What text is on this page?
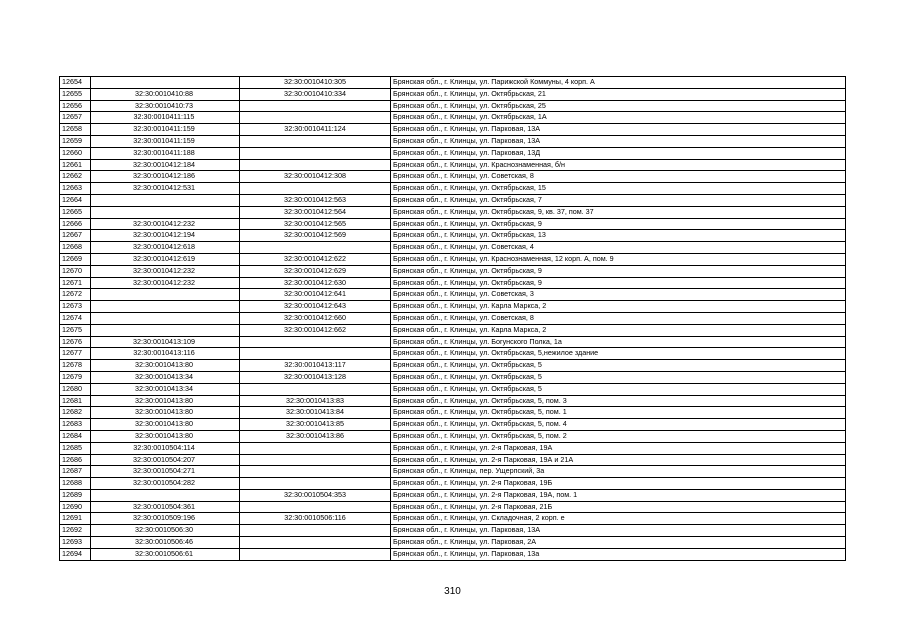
12654		32:30:0010410:305	Брянская обл., г. Клинцы, ул. Парижской Коммуны, 4 корп. А
12655	32:30:0010410:88	32:30:0010410:334	Брянская обл., г. Клинцы, ул. Октябрьская, 21
12656	32:30:0010410:73		Брянская обл., г. Клинцы, ул. Октябрьская, 25
12657	32:30:0010411:115		Брянская обл., г. Клинцы, ул. Октябрьская, 1А
12658	32:30:0010411:159	32:30:0010411:124	Брянская обл., г. Клинцы, ул. Парковая, 13А
12659	32:30:0010411:159		Брянская обл., г. Клинцы, ул. Парковая, 13А
12660	32:30:0010411:188		Брянская обл., г. Клинцы, ул. Парковая, 13Д
12661	32:30:0010412:184		Брянская обл., г. Клинцы, ул. Краснознаменная, б/н
12662	32:30:0010412:186	32:30:0010412:308	Брянская обл., г. Клинцы, ул. Советская, 8
12663	32:30:0010412:531		Брянская обл., г. Клинцы, ул. Октябрьская, 15
12664		32:30:0010412:563	Брянская обл., г. Клинцы, ул. Октябрьская, 7
12665		32:30:0010412:564	Брянская обл., г. Клинцы, ул. Октябрьская, 9, кв. 37, пом. 37
12666	32:30:0010412:232	32:30:0010412:565	Брянская обл., г. Клинцы, ул. Октябрьская, 9
12667	32:30:0010412:194	32:30:0010412:569	Брянская обл., г. Клинцы, ул. Октябрьская, 13
12668	32:30:0010412:618		Брянская обл., г. Клинцы, ул. Советская, 4
12669	32:30:0010412:619	32:30:0010412:622	Брянская обл., г. Клинцы, ул. Краснознаменная, 12 корп. А, пом. 9
12670	32:30:0010412:232	32:30:0010412:629	Брянская обл., г. Клинцы, ул. Октябрьская, 9
12671	32:30:0010412:232	32:30:0010412:630	Брянская обл., г. Клинцы, ул. Октябрьская, 9
12672		32:30:0010412:641	Брянская обл., г. Клинцы, ул. Советская, 3
12673		32:30:0010412:643	Брянская обл., г. Клинцы, ул. Карла Маркса, 2
12674		32:30:0010412:660	Брянская обл., г. Клинцы, ул. Советская, 8
12675		32:30:0010412:662	Брянская обл., г. Клинцы, ул. Карла Маркса, 2
12676	32:30:0010413:109		Брянская обл., г. Клинцы, ул. Богунского Полка, 1а
12677	32:30:0010413:116		Брянская обл., г. Клинцы, ул. Октябрьская, 5,нежилое здание
12678	32:30:0010413:80	32:30:0010413:117	Брянская обл., г. Клинцы, ул. Октябрьская, 5
12679	32:30:0010413:34	32:30:0010413:128	Брянская обл., г. Клинцы, ул. Октябрьская, 5
12680	32:30:0010413:34		Брянская обл., г. Клинцы, ул. Октябрьская, 5
12681	32:30:0010413:80	32:30:0010413:83	Брянская обл., г. Клинцы, ул. Октябрьская, 5, пом. 3
12682	32:30:0010413:80	32:30:0010413:84	Брянская обл., г. Клинцы, ул. Октябрьская, 5, пом. 1
12683	32:30:0010413:80	32:30:0010413:85	Брянская обл., г. Клинцы, ул. Октябрьская, 5, пом. 4
12684	32:30:0010413:80	32:30:0010413:86	Брянская обл., г. Клинцы, ул. Октябрьская, 5, пом. 2
12685	32:30:0010504:114		Брянская обл., г. Клинцы, ул. 2-я Парковая, 19А
12686	32:30:0010504:207		Брянская обл., г. Клинцы, ул. 2-я Парковая, 19А и 21А
12687	32:30:0010504:271		Брянская обл., г. Клинцы, пер. Ущерпский, 3а
12688	32:30:0010504:282		Брянская обл., г. Клинцы, ул. 2-я Парковая, 19Б
12689		32:30:0010504:353	Брянская обл., г. Клинцы, ул. 2-я Парковая, 19А, пом. 1
12690	32:30:0010504:361		Брянская обл., г. Клинцы, ул. 2-я Парковая, 21Б
12691	32:30:0010509:196	32:30:0010506:116	Брянская обл., г. Клинцы, ул. Складочная, 2 корп. е
12692	32:30:0010506:30		Брянская обл., г. Клинцы, ул. Парковая, 13А
12693	32:30:0010506:46		Брянская обл., г. Клинцы, ул. Парковая, 2А
12694	32:30:0010506:61		Брянская обл., г. Клинцы, ул. Парковая, 13а
310
